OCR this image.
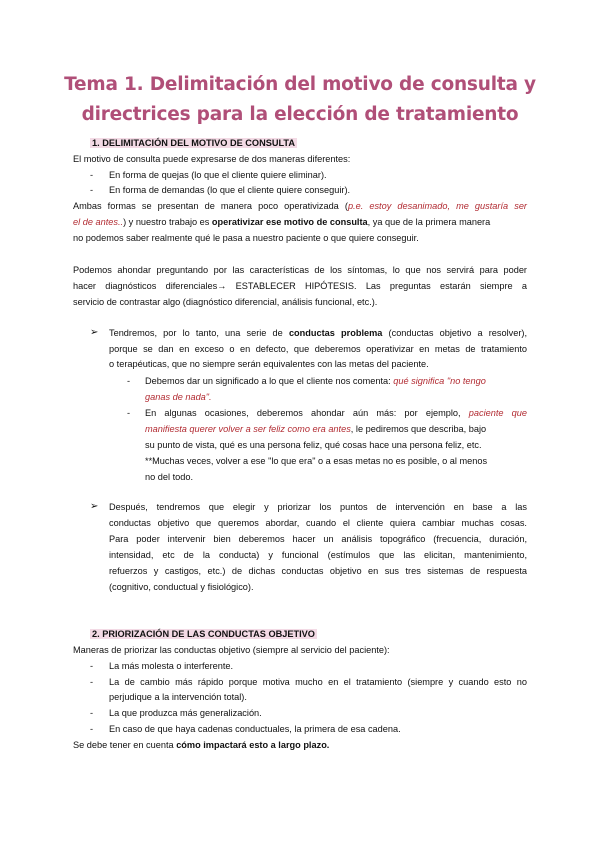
Tema 1. Delimitación del motivo de consulta y
directrices para la elección de tratamiento
1. DELIMITACIÓN DEL MOTIVO DE CONSULTA
El motivo de consulta puede expresarse de dos maneras diferentes:
- En forma de quejas (lo que el cliente quiere eliminar).
- En forma de demandas (lo que el cliente quiere conseguir).
Ambas formas se presentan de manera poco operativizada (p.e. estoy desanimado, me gustaría ser
el de antes..) y nuestro trabajo es operativizar ese motivo de consulta, ya que de la primera manera
no podemos saber realmente qué le pasa a nuestro paciente o que quiere conseguir.
Podemos ahondar preguntando por las características de los síntomas, lo que nos servirá para poder
hacer diagnósticos diferenciales→ ESTABLECER HIPÓTESIS. Las preguntas estarán siempre a
servicio de contrastar algo (diagnóstico diferencial, análisis funcional, etc.).
➢ Tendremos, por lo tanto, una serie de conductas problema (conductas objetivo a resolver),
porque se dan en exceso o en defecto, que deberemos operativizar en metas de tratamiento
o terapéuticas, que no siempre serán equivalentes con las metas del paciente.
- Debemos dar un significado a lo que el cliente nos comenta: qué significa "no tengo
ganas de nada".
- En algunas ocasiones, deberemos ahondar aún más: por ejemplo, paciente que
manifiesta querer volver a ser feliz como era antes, le pediremos que describa, bajo
su punto de vista, qué es una persona feliz, qué cosas hace una persona feliz, etc.
**Muchas veces, volver a ese "lo que era" o a esas metas no es posible, o al menos
no del todo.
➢ Después, tendremos que elegir y priorizar los puntos de intervención en base a las
conductas objetivo que queremos abordar, cuando el cliente quiera cambiar muchas cosas.
Para poder intervenir bien deberemos hacer un análisis topográfico (frecuencia, duración,
intensidad, etc de la conducta) y funcional (estímulos que las elicitan, mantenimiento,
refuerzos y castigos, etc.) de dichas conductas objetivo en sus tres sistemas de respuesta
(cognitivo, conductual y fisiológico).
2. PRIORIZACIÓN DE LAS CONDUCTAS OBJETIVO
Maneras de priorizar las conductas objetivo (siempre al servicio del paciente):
- La más molesta o interferente.
- La de cambio más rápido porque motiva mucho en el tratamiento (siempre y cuando esto no
perjudique a la intervención total).
- La que produzca más generalización.
- En caso de que haya cadenas conductuales, la primera de esa cadena.
Se debe tener en cuenta cómo impactará esto a largo plazo.
